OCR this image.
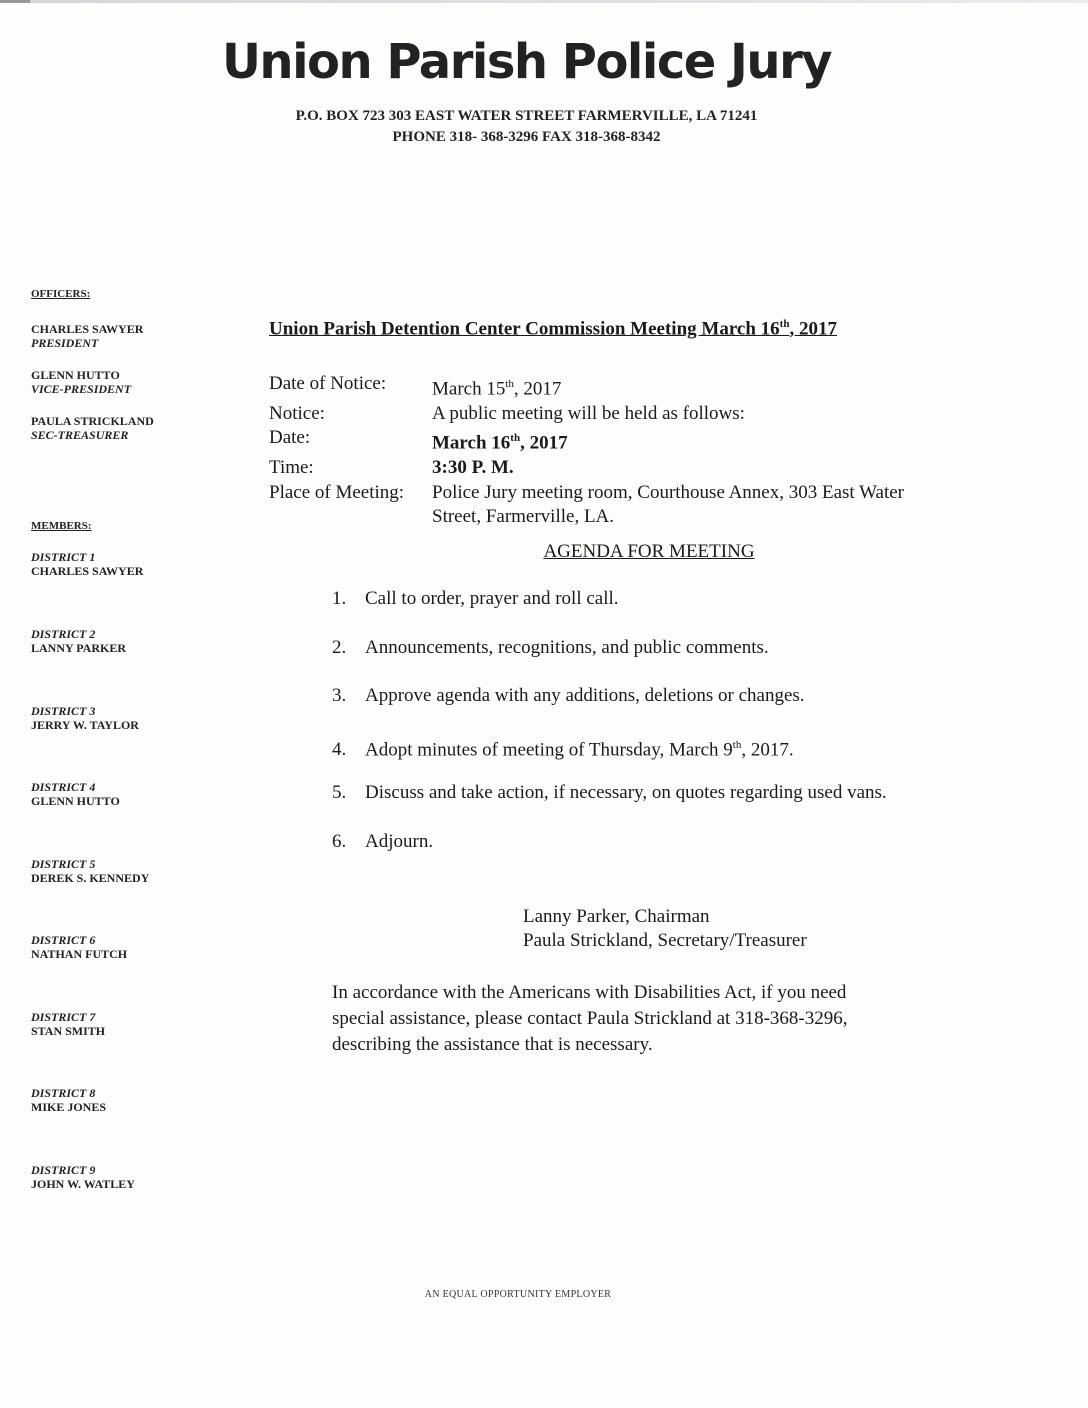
Union Parish Police Jury
P.O. BOX 723 303 EAST WATER STREET FARMERVILLE, LA 71241
PHONE 318- 368-3296 FAX 318-368-8342
OFFICERS:
CHARLES SAWYER
PRESIDENT
GLENN HUTTO
VICE-PRESIDENT
PAULA STRICKLAND
SEC-TREASURER
MEMBERS:
DISTRICT 1
CHARLES SAWYER
DISTRICT 2
LANNY PARKER
DISTRICT 3
JERRY W. TAYLOR
DISTRICT 4
GLENN HUTTO
DISTRICT 5
DEREK S. KENNEDY
DISTRICT 6
NATHAN FUTCH
DISTRICT 7
STAN SMITH
DISTRICT 8
MIKE JONES
DISTRICT 9
JOHN W. WATLEY
Union Parish Detention Center Commission Meeting March 16th, 2017
Date of Notice:	March 15th, 2017
Notice:	A public meeting will be held as follows:
Date:	March 16th, 2017
Time:	3:30 P. M.
Place of Meeting:	Police Jury meeting room, Courthouse Annex, 303 East Water
Street, Farmerville, LA.
AGENDA FOR MEETING
1. Call to order, prayer and roll call.
2. Announcements, recognitions, and public comments.
3. Approve agenda with any additions, deletions or changes.
4. Adopt minutes of meeting of Thursday, March 9th, 2017.
5. Discuss and take action, if necessary, on quotes regarding used vans.
6. Adjourn.
Lanny Parker, Chairman
Paula Strickland, Secretary/Treasurer
In accordance with the Americans with Disabilities Act, if you need
special assistance, please contact Paula Strickland at 318-368-3296,
describing the assistance that is necessary.
AN EQUAL OPPORTUNITY EMPLOYER
